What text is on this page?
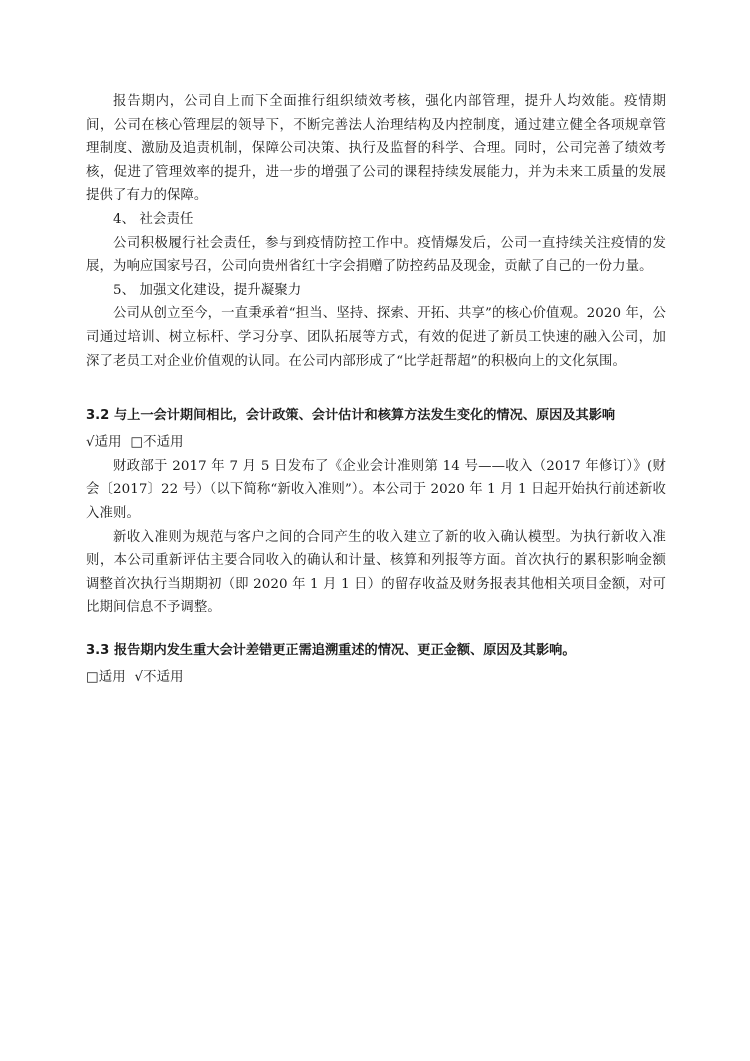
报告期内，公司自上而下全面推行组织绩效考核，强化内部管理，提升人均效能。疫情期间，公司在核心管理层的领导下，不断完善法人治理结构及内控制度，通过建立健全各项规章管理制度、激励及追责机制，保障公司决策、执行及监督的科学、合理。同时，公司完善了绩效考核，促进了管理效率的提升，进一步的增强了公司的课程持续发展能力，并为未来工质量的发展提供了有力的保障。

4、 社会责任

公司积极履行社会责任，参与到疫情防控工作中。疫情爆发后，公司一直持续关注疫情的发展，为响应国家号召，公司向贵州省红十字会捐赠了防控药品及现金，贡献了自己的一份力量。

5、 加强文化建设，提升凝聚力

公司从创立至今，一直秉承着“担当、坚持、探索、开拓、共享”的核心价值观。2020 年，公司通过培训、树立标杆、学习分享、团队拓展等方式，有效的促进了新员工快速的融入公司，加深了老员工对企业价值观的认同。在公司内部形成了“比学赶帮超”的积极向上的文化氛围。

3.2 与上一会计期间相比，会计政策、会计估计和核算方法发生变化的情况、原因及其影响

√适用 □不适用

财政部于 2017 年 7 月 5 日发布了《企业会计准则第 14 号——收入（2017 年修订）》(财会〔2017〕22 号）（以下简称“新收入准则”）。本公司于 2020 年 1 月 1 日起开始执行前述新收入准则。

新收入准则为规范与客户之间的合同产生的收入建立了新的收入确认模型。为执行新收入准则，本公司重新评估主要合同收入的确认和计量、核算和列报等方面。首次执行的累积影响金额调整首次执行当期期初（即 2020 年 1 月 1 日）的留存收益及财务报表其他相关项目金额，对可比期间信息不予调整。

3.3 报告期内发生重大会计差错更正需追溯重述的情况、更正金额、原因及其影响。

□适用 √不适用
